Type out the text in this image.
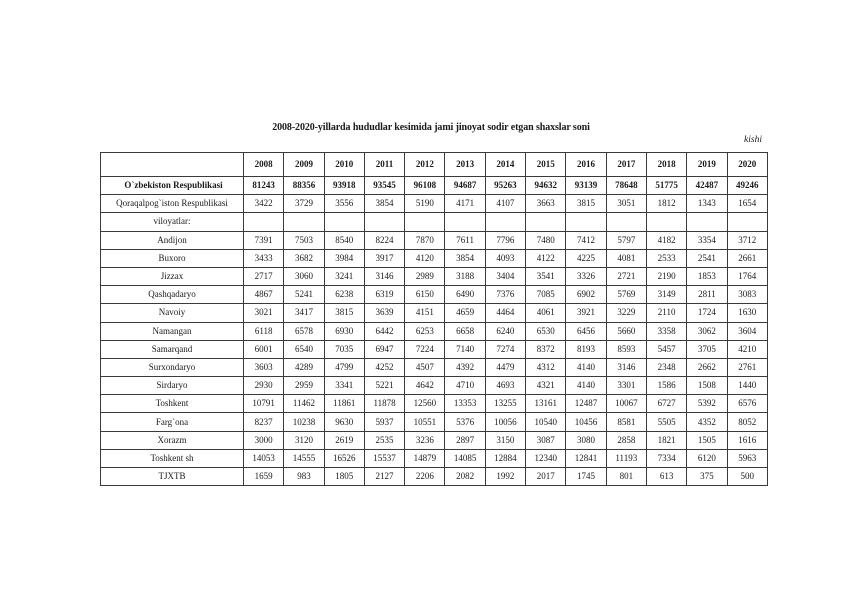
2008-2020-yillarda hududlar kesimida jami jinoyat sodir etgan shaxslar soni
kishi
	2008	2009	2010	2011	2012	2013	2014	2015	2016	2017	2018	2019	2020
O`zbekiston Respublikasi	81243	88356	93918	93545	96108	94687	95263	94632	93139	78648	51775	42487	49246
Qoraqalpog`iston Respublikasi	3422	3729	3556	3854	5190	4171	4107	3663	3815	3051	1812	1343	1654
viloyatlar:													
Andijon	7391	7503	8540	8224	7870	7611	7796	7480	7412	5797	4182	3354	3712
Buxoro	3433	3682	3984	3917	4120	3854	4093	4122	4225	4081	2533	2541	2661
Jizzax	2717	3060	3241	3146	2989	3188	3404	3541	3326	2721	2190	1853	1764
Qashqadaryo	4867	5241	6238	6319	6150	6490	7376	7085	6902	5769	3149	2811	3083
Navoiy	3021	3417	3815	3639	4151	4659	4464	4061	3921	3229	2110	1724	1630
Namangan	6118	6578	6930	6442	6253	6658	6240	6530	6456	5660	3358	3062	3604
Samarqand	6001	6540	7035	6947	7224	7140	7274	8372	8193	8593	5457	3705	4210
Surxondaryo	3603	4289	4799	4252	4507	4392	4479	4312	4140	3146	2348	2662	2761
Sirdaryo	2930	2959	3341	5221	4642	4710	4693	4321	4140	3301	1586	1508	1440
Toshkent	10791	11462	11861	11878	12560	13353	13255	13161	12487	10067	6727	5392	6576
Farg`ona	8237	10238	9630	5937	10551	5376	10056	10540	10456	8581	5505	4352	8052
Xorazm	3000	3120	2619	2535	3236	2897	3150	3087	3080	2858	1821	1505	1616
Toshkent sh	14053	14555	16526	15537	14879	14085	12884	12340	12841	11193	7334	6120	5963
TJXTB	1659	983	1805	2127	2206	2082	1992	2017	1745	801	613	375	500
